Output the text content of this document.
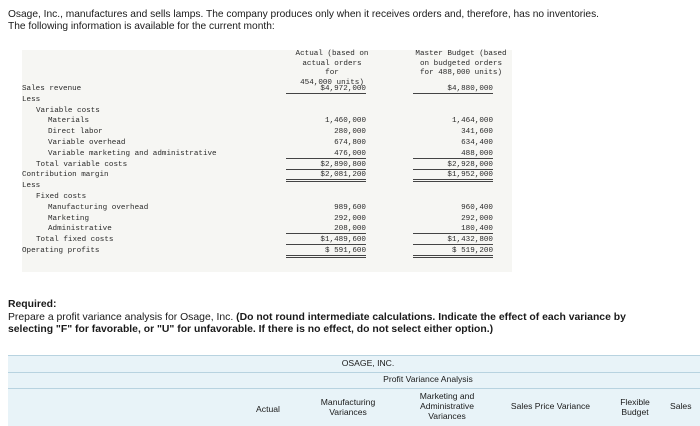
Osage, Inc., manufactures and sells lamps. The company produces only when it receives orders and, therefore, has no inventories.
The following information is available for the current month:
Actual (based on
actual orders for
454,000 units)
Master Budget (based
on budgeted orders
for 488,000 units)
Sales revenue	$4,972,000	$4,880,000
Less
Variable costs
Materials	1,460,000	1,464,000
Direct labor	280,000	341,600
Variable overhead	674,800	634,400
Variable marketing and administrative	476,000	488,000
Total variable costs	$2,890,800	$2,928,000
Contribution margin	$2,081,200	$1,952,000
Less
Fixed costs
Manufacturing overhead	989,600	960,400
Marketing	292,000	292,000
Administrative	208,000	180,400
Total fixed costs	$1,489,600	$1,432,800
Operating profits	$ 591,600	$ 519,200
Required:
Prepare a profit variance analysis for Osage, Inc. (Do not round intermediate calculations. Indicate the effect of each variance by
selecting "F" for favorable, or "U" for unfavorable. If there is no effect, do not select either option.)
OSAGE, INC.
Profit Variance Analysis
Actual
Manufacturing
Variances
Marketing and
Administrative
Variances
Sales Price Variance	Flexible
Budget
Sales
